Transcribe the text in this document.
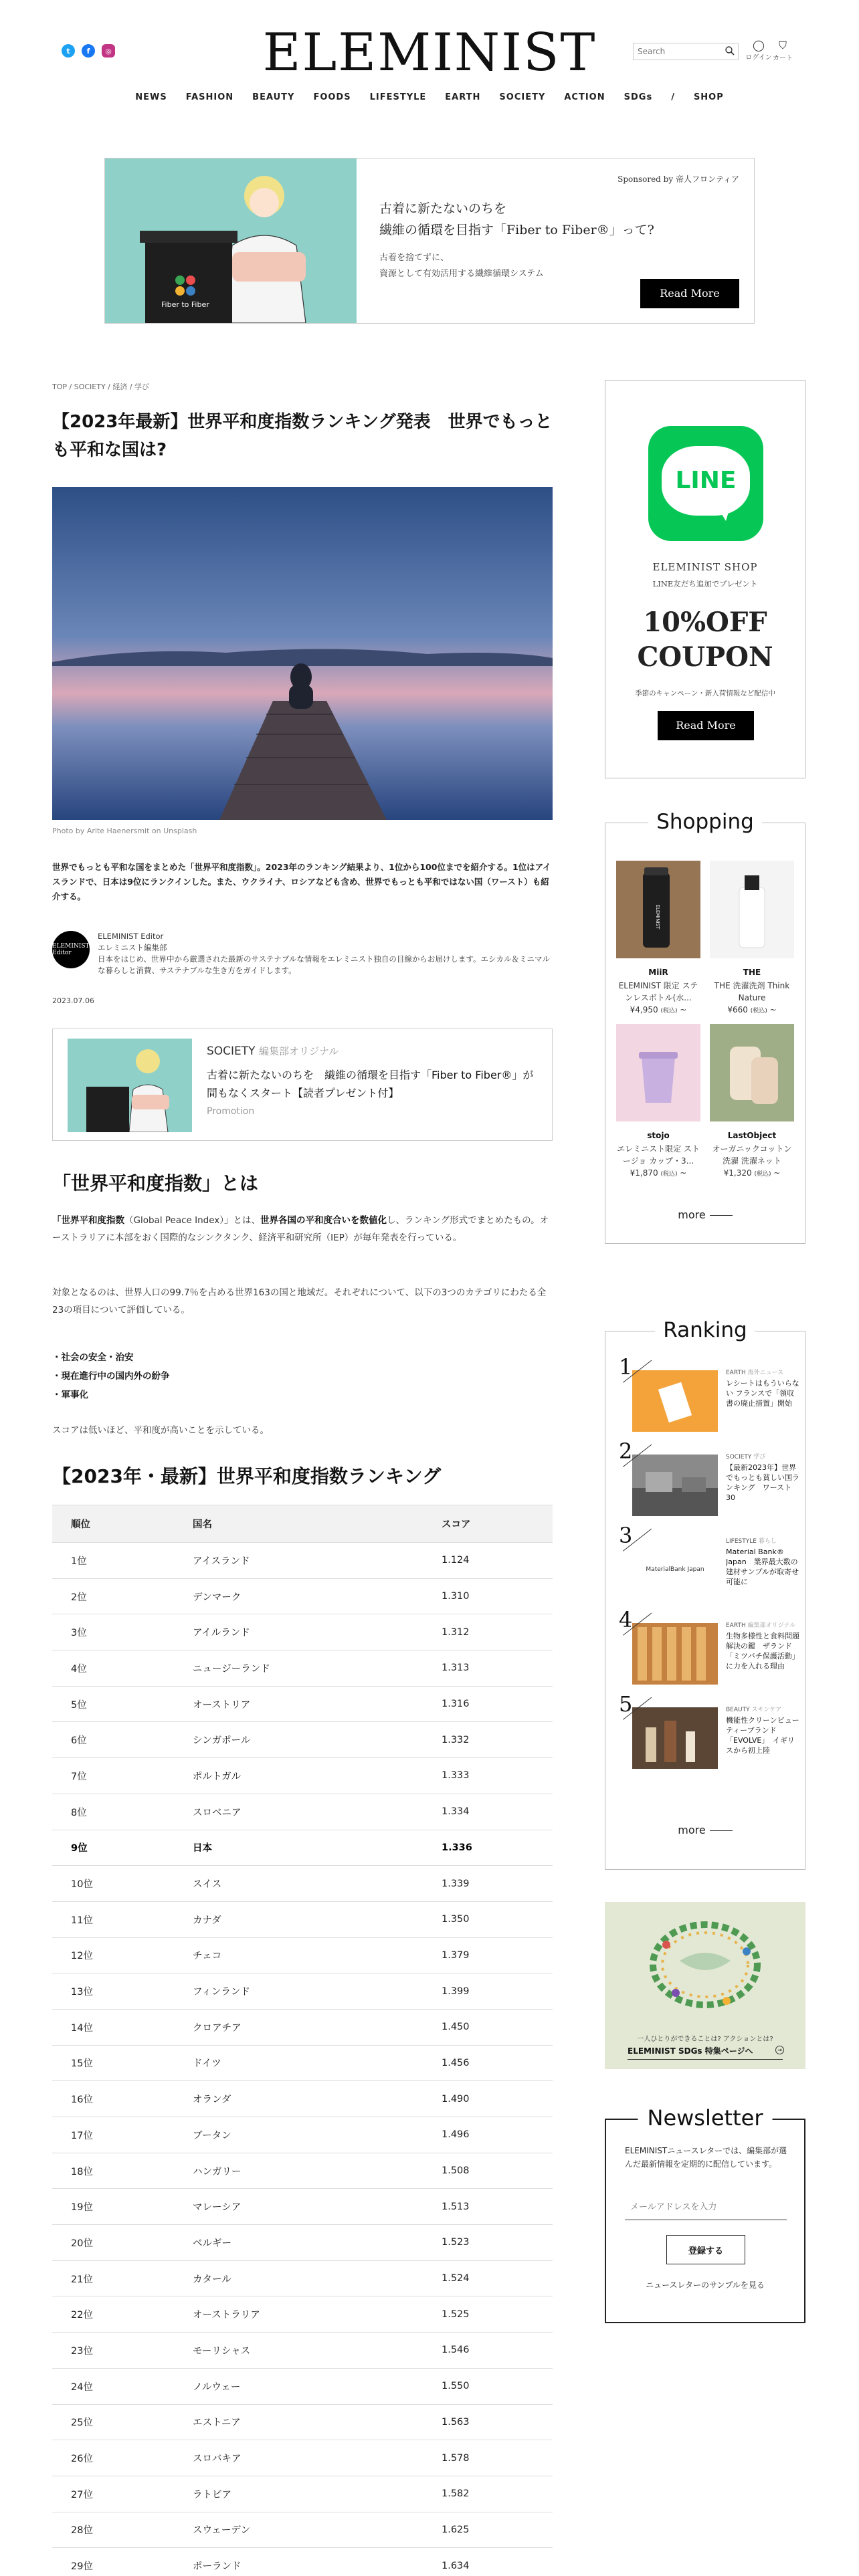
t	f	◎	ELEMINIST
Search	◯
ログイン
⛉
カート
NEWS FASHION BEAUTY FOODS LIFESTYLE EARTH SOCIETY ACTION SDGs / SHOP
Fiber to Fiber
Sponsored by 帝人フロンティア
古着に新たないのちを
繊維の循環を目指す「Fiber to Fiber®」って?
古着を捨てずに、
資源として有効活用する繊維循環システム
Read More
TOP / SOCIETY / 経済 / 学び
【2023年最新】世界平和度指数ランキング発表　世界でもっとも平和な国は?
Photo by Arite Haenersmit on Unsplash

世界でもっとも平和な国をまとめた「世界平和度指数」。2023年のランキング結果より、1位から100位までを紹介する。1位はアイスランドで、日本は9位にランクインした。また、ウクライナ、ロシアなども含め、世界でもっとも平和ではない国（ワースト）も紹介する。

ELEMINIST Editor
ELEMINIST Editor
エレミニスト編集部
日本をはじめ、世界中から厳選された最新のサステナブルな情報をエレミニスト独自の目線からお届けします。エシカル＆ミニマルな暮らしと消費、サステナブルな生き方をガイドします。
2023.07.06
SOCIETY 編集部オリジナル
古着に新たないのちを　繊維の循環を目指す「Fiber to Fiber®」が間もなくスタート【読者プレゼント付】
Promotion
「世界平和度指数」とは

「世界平和度指数（Global Peace Index）」とは、世界各国の平和度合いを数値化し、ランキング形式でまとめたもの。オーストラリアに本部をおく国際的なシンクタンク、経済平和研究所（IEP）が毎年発表を行っている。

対象となるのは、世界人口の99.7％を占める世界163の国と地域だ。それぞれについて、以下の3つのカテゴリにわたる全23の項目について評価している。

・社会の安全・治安
・現在進行中の国内外の紛争
・軍事化

スコアは低いほど、平和度が高いことを示している。

【2023年・最新】世界平和度指数ランキング
順位	国名	スコア
1位	アイスランド	1.124
2位	デンマーク	1.310
3位	アイルランド	1.312
4位	ニュージーランド	1.313
5位	オーストリア	1.316
6位	シンガポール	1.332
7位	ポルトガル	1.333
8位	スロベニア	1.334
9位	日本	1.336
10位	スイス	1.339
11位	カナダ	1.350
12位	チェコ	1.379
13位	フィンランド	1.399
14位	クロアチア	1.450
15位	ドイツ	1.456
16位	オランダ	1.490
17位	ブータン	1.496
18位	ハンガリー	1.508
19位	マレーシア	1.513
20位	ベルギー	1.523
21位	カタール	1.524
22位	オーストラリア	1.525
23位	モーリシャス	1.546
24位	ノルウェー	1.550
25位	エストニア	1.563
26位	スロバキア	1.578
27位	ラトビア	1.582
28位	スウェーデン	1.625
29位	ポーランド	1.634
LINE
ELEMINIST SHOP
LINE友だち追加でプレゼント
10%OFF
COUPON
季節のキャンペーン・新入荷情報など配信中
Read More
Shopping
ELEMINIST
MiiR
ELEMINIST 限定 ステンレスボトル(水...
¥4,950 (税込) ~
THE
THE 洗濯洗剤 Think Nature
¥660 (税込) ~
stojo
エレミニスト限定 ストージョ カップ・3...
¥1,870 (税込) ~
LastObject
オーガニックコットン 洗濯 洗濯ネット
¥1,320 (税込) ~
more
Ranking
1	EARTH 海外ニュース
レシートはもういらない フランスで「領収書の廃止措置」開始
2	SOCIETY 学び
【最新2023年】世界でもっとも貧しい国ランキング　ワースト30
MaterialBank Japan
3	LIFESTYLE 暮らし
Material Bank® Japan　業界最大数の建材サンプルが取寄せ可能に
4	EARTH 編集部オリジナル
生物多様性と食料問題解決の鍵　ザランド「ミツバチ保護活動」に力を入れる理由
5	BEAUTY スキンケア
機能性クリーンビューティーブランド「EVOLVE」　イギリスから初上陸
more
一人ひとりができることは? アクションとは?
ELEMINIST SDGs 特集ページへ	→
Newsletter
ELEMINISTニュースレターでは、編集部が選んだ最新情報を定期的に配信しています。
メールアドレスを入力
登録する
ニュースレターのサンプルを見る
